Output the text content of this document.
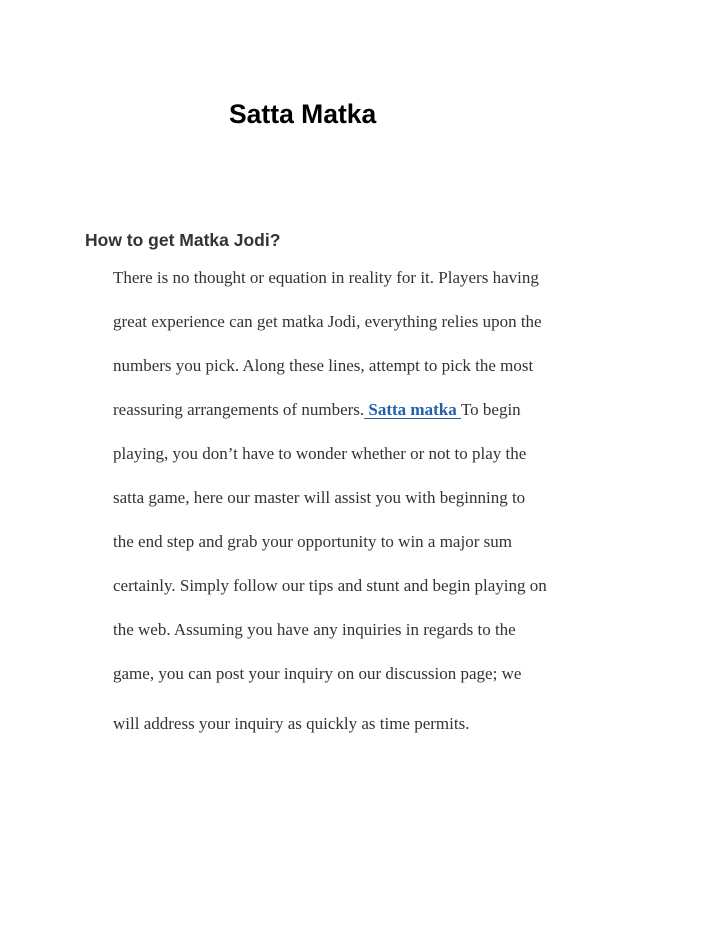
Satta Matka
How to get Matka Jodi?

There is no thought or equation in reality for it. Players having

great experience can get matka Jodi, everything relies upon the

numbers you pick. Along these lines, attempt to pick the most

reassuring arrangements of numbers. Satta matka To begin

playing, you don’t have to wonder whether or not to play the

satta game, here our master will assist you with beginning to

the end step and grab your opportunity to win a major sum

certainly. Simply follow our tips and stunt and begin playing on

the web. Assuming you have any inquiries in regards to the

game, you can post your inquiry on our discussion page; we

will address your inquiry as quickly as time permits.
